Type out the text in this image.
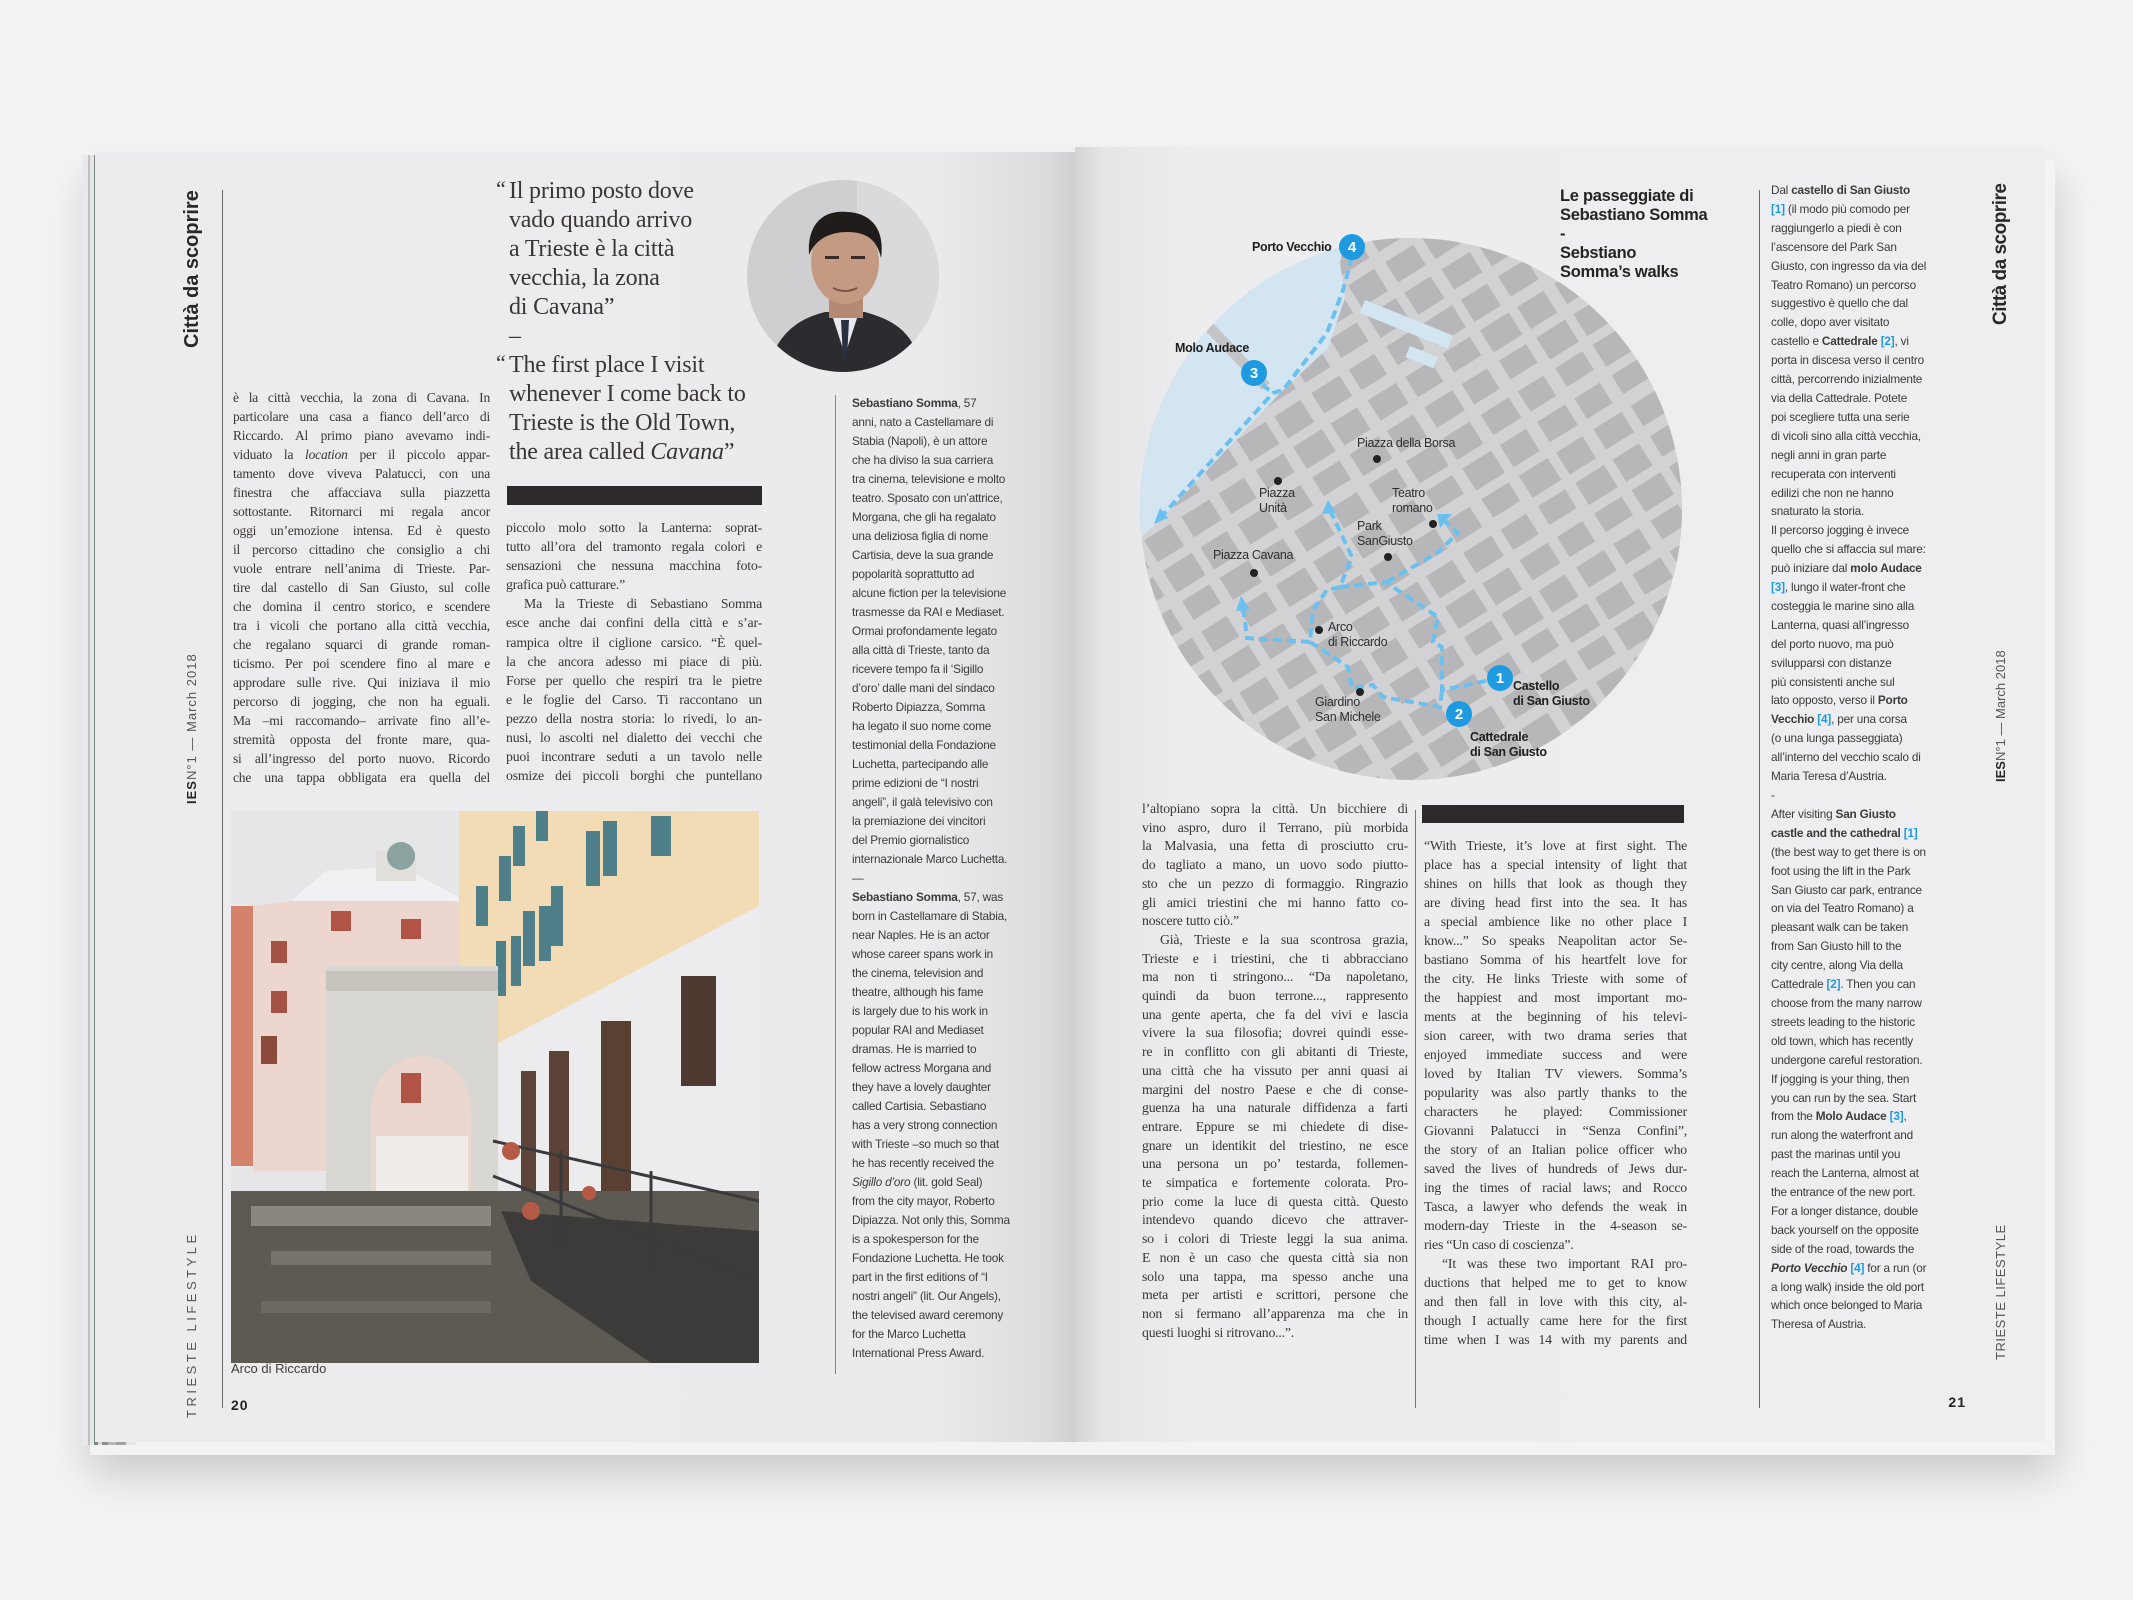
Città da scoprire
IES
N°1 — March 2018
TRIESTE LIFESTYLE 20
“ Il primo posto dove
vado quando arrivo
a Trieste è la città
vecchia, la zona
di Cavana”
–
“ The first place I visit
whenever I come back to
Trieste is the Old Town,
the area called Cavana”
è la città vecchia, la zona di Cavana. In
particolare una casa a fianco dell’arco di
Riccardo. Al primo piano avevamo indi-
viduato la location per il piccolo appar-
tamento dove viveva Palatucci, con una
finestra che affacciava sulla piazzetta
sottostante. Ritornarci mi regala ancor
oggi un’emozione intensa. Ed è questo
il percorso cittadino che consiglio a chi
vuole entrare nell’anima di Trieste. Par-
tire dal castello di San Giusto, sul colle
che domina il centro storico, e scendere
tra i vicoli che portano alla città vecchia,
che regalano squarci di grande roman-
ticismo. Per poi scendere fino al mare e
approdare sulle rive. Qui iniziava il mio
percorso di jogging, che non ha eguali.
Ma –mi raccomando– arrivate fino all’e-
stremità opposta del fronte mare, qua-
si all’ingresso del porto nuovo. Ricordo
che una tappa obbligata era quella del
piccolo molo sotto la Lanterna: soprat-
tutto all’ora del tramonto regala colori e
sensazioni che nessuna macchina foto-
grafica può catturare.”
Ma la Trieste di Sebastiano Somma
esce anche dai confini della città e s’ar-
rampica oltre il ciglione carsico. “È quel-
la che ancora adesso mi piace di più.
Forse per quello che respiri tra le pietre
e le foglie del Carso. Ti raccontano un
pezzo della nostra storia: lo rivedi, lo an-
nusi, lo ascolti nel dialetto dei vecchi che
puoi incontrare seduti a un tavolo nelle
osmize dei piccoli borghi che puntellano
Sebastiano Somma, 57
anni, nato a Castellamare di
Stabia (Napoli), è un attore
che ha diviso la sua carriera
tra cinema, televisione e molto
teatro. Sposato con un’attrice,
Morgana, che gli ha regalato
una deliziosa figlia di nome
Cartisia, deve la sua grande
popolarità soprattutto ad
alcune fiction per la televisione
trasmesse da RAI e Mediaset.
Ormai profondamente legato
alla città di Trieste, tanto da
ricevere tempo fa il ‘Sigillo
d’oro’ dalle mani del sindaco
Roberto Dipiazza, Somma
ha legato il suo nome come
testimonial della Fondazione
Luchetta, partecipando alle
prime edizioni de “I nostri
angeli”, il galà televisivo con
la premiazione dei vincitori
del Premio giornalistico
internazionale Marco Luchetta.
—
Sebastiano Somma, 57, was
born in Castellamare di Stabia,
near Naples. He is an actor
whose career spans work in
the cinema, television and
theatre, although his fame
is largely due to his work in
popular RAI and Mediaset
dramas. He is married to
fellow actress Morgana and
they have a lovely daughter
called Cartisia. Sebastiano
has a very strong connection
with Trieste –so much so that
he has recently received the
Sigillo d’oro (lit. gold Seal)
from the city mayor, Roberto
Dipiazza. Not only this, Somma
is a spokesperson for the
Fondazione Luchetta. He took
part in the first editions of “I
nostri angeli” (lit. Our Angels),
the televised award ceremony
for the Marco Luchetta
International Press Award.
Arco di Riccardo
Le passeggiate di Sebastiano Somma
-
Sebstiano Somma’s walks
Piazza della Borsa
Piazza
Unità
Teatro
romano
Park
SanGiusto
Piazza Cavana
Arco
di Riccardo
Giardino
San Michele
1
2
3
4
Castello
di San Giusto
Cattedrale
di San Giusto
Molo Audace
Porto Vecchio
l’altopiano sopra la città. Un bicchiere di
vino aspro, duro il Terrano, più morbida
la Malvasia, una fetta di prosciutto cru-
do tagliato a mano, un uovo sodo piutto-
sto che un pezzo di formaggio. Ringrazio
gli amici triestini che mi hanno fatto co-
noscere tutto ciò.”
Già, Trieste e la sua scontrosa grazia,
Trieste e i triestini, che ti abbracciano
ma non ti stringono... “Da napoletano,
quindi da buon terrone..., rappresento
una gente aperta, che fa del vivi e lascia
vivere la sua filosofia; dovrei quindi esse-
re in conflitto con gli abitanti di Trieste,
una città che ha vissuto per anni quasi ai
margini del nostro Paese e che di conse-
guenza ha una naturale diffidenza a farti
entrare. Eppure se mi chiedete di dise-
gnare un identikit del triestino, ne esce
una persona un po’ testarda, follemen-
te simpatica e fortemente colorata. Pro-
prio come la luce di questa città. Questo
intendevo quando dicevo che attraver-
so i colori di Trieste leggi la sua anima.
E non è un caso che questa città sia non
solo una tappa, ma spesso anche una
meta per artisti e scrittori, persone che
non si fermano all’apparenza ma che in
questi luoghi si ritrovano...”.
“With Trieste, it’s love at first sight. The
place has a special intensity of light that
shines on hills that look as though they
are diving head first into the sea. It has
a special ambience like no other place I
know...” So speaks Neapolitan actor Se-
bastiano Somma of his heartfelt love for
the city. He links Trieste with some of
the happiest and most important mo-
ments at the beginning of his televi-
sion career, with two drama series that
enjoyed immediate success and were
loved by Italian TV viewers. Somma’s
popularity was also partly thanks to the
characters he played: Commissioner
Giovanni Palatucci in “Senza Confini”,
the story of an Italian police officer who
saved the lives of hundreds of Jews dur-
ing the times of racial laws; and Rocco
Tasca, a lawyer who defends the weak in
modern-day Trieste in the 4-season se-
ries “Un caso di coscienza”.
“It was these two important RAI pro-
ductions that helped me to get to know
and then fall in love with this city, al-
though I actually came here for the first
time when I was 14 with my parents and
Dal castello di San Giusto
[1] (il modo più comodo per
raggiungerlo a piedi è con
l’ascensore del Park San
Giusto, con ingresso da via del
Teatro Romano) un percorso
suggestivo è quello che dal
colle, dopo aver visitato
castello e Cattedrale [2], vi
porta in discesa verso il centro
città, percorrendo inizialmente
via della Cattedrale. Potete
poi scegliere tutta una serie
di vicoli sino alla città vecchia,
negli anni in gran parte
recuperata con interventi
edilizi che non ne hanno
snaturato la storia.
Il percorso jogging è invece
quello che si affaccia sul mare:
può iniziare dal molo Audace
[3], lungo il water-front che
costeggia le marine sino alla
Lanterna, quasi all’ingresso
del porto nuovo, ma può
svilupparsi con distanze
più consistenti anche sul
lato opposto, verso il Porto
Vecchio [4], per una corsa
(o una lunga passeggiata)
all’interno del vecchio scalo di
Maria Teresa d’Austria.
-
After visiting San Giusto
castle and the cathedral [1]
(the best way to get there is on
foot using the lift in the Park
San Giusto car park, entrance
on via del Teatro Romano) a
pleasant walk can be taken
from San Giusto hill to the
city centre, along Via della
Cattedrale [2]. Then you can
choose from the many narrow
streets leading to the historic
old town, which has recently
undergone careful restoration.
If jogging is your thing, then
you can run by the sea. Start
from the Molo Audace [3],
run along the waterfront and
past the marinas until you
reach the Lanterna, almost at
the entrance of the new port.
For a longer distance, double
back yourself on the opposite
side of the road, towards the
Porto Vecchio [4] for a run (or
a long walk) inside the old port
which once belonged to Maria
Theresa of Austria.
Città da scoprire
IES
N°1 — March 2018
TRIESTE LIFESTYLE
21
